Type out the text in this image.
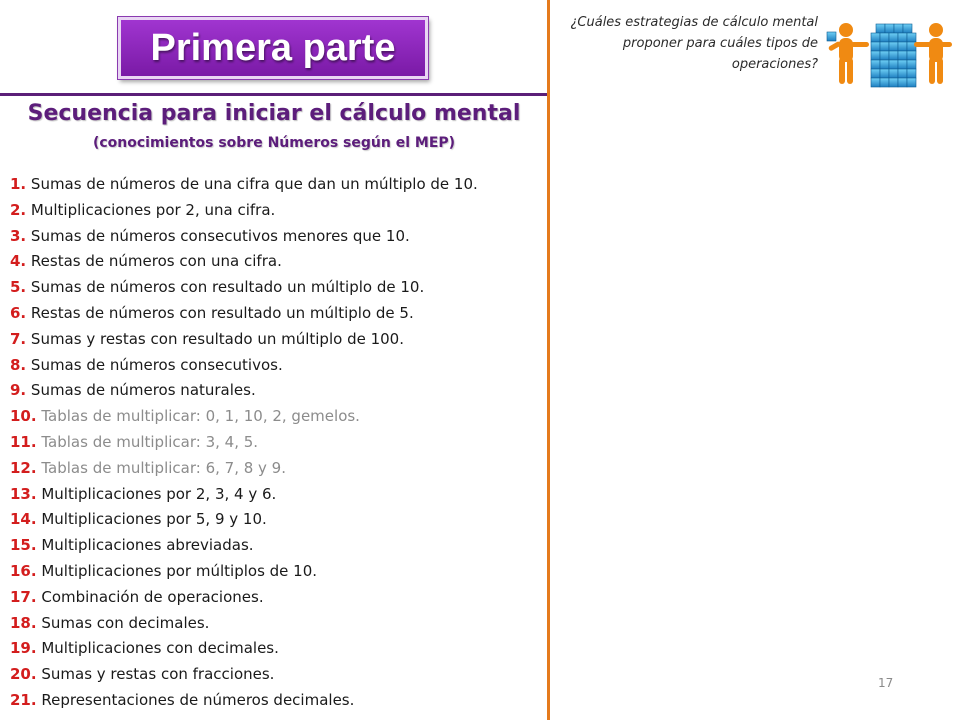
Primera parte
Secuencia para iniciar el cálculo mental
(conocimientos sobre Números según el MEP)
1. Sumas de números de una cifra que dan un múltiplo de 10.
2. Multiplicaciones por 2, una cifra.
3. Sumas de números consecutivos menores que 10.
4. Restas de números con una cifra.
5. Sumas de números con resultado un múltiplo de 10.
6. Restas de números con resultado un múltiplo de 5.
7. Sumas y restas con resultado un múltiplo de 100.
8. Sumas de números consecutivos.
9. Sumas de números naturales.
10. Tablas de multiplicar: 0, 1, 10, 2, gemelos.
11. Tablas de multiplicar: 3, 4, 5.
12. Tablas de multiplicar: 6, 7, 8 y 9.
13. Multiplicaciones por 2, 3, 4 y 6.
14. Multiplicaciones por 5, 9 y 10.
15. Multiplicaciones abreviadas.
16. Multiplicaciones por múltiplos de 10.
17. Combinación de operaciones.
18. Sumas con decimales.
19. Multiplicaciones con decimales.
20. Sumas y restas con fracciones.
21. Representaciones de números decimales.
¿Cuáles estrategias de cálculo mental proponer para cuáles tipos de operaciones?
17
